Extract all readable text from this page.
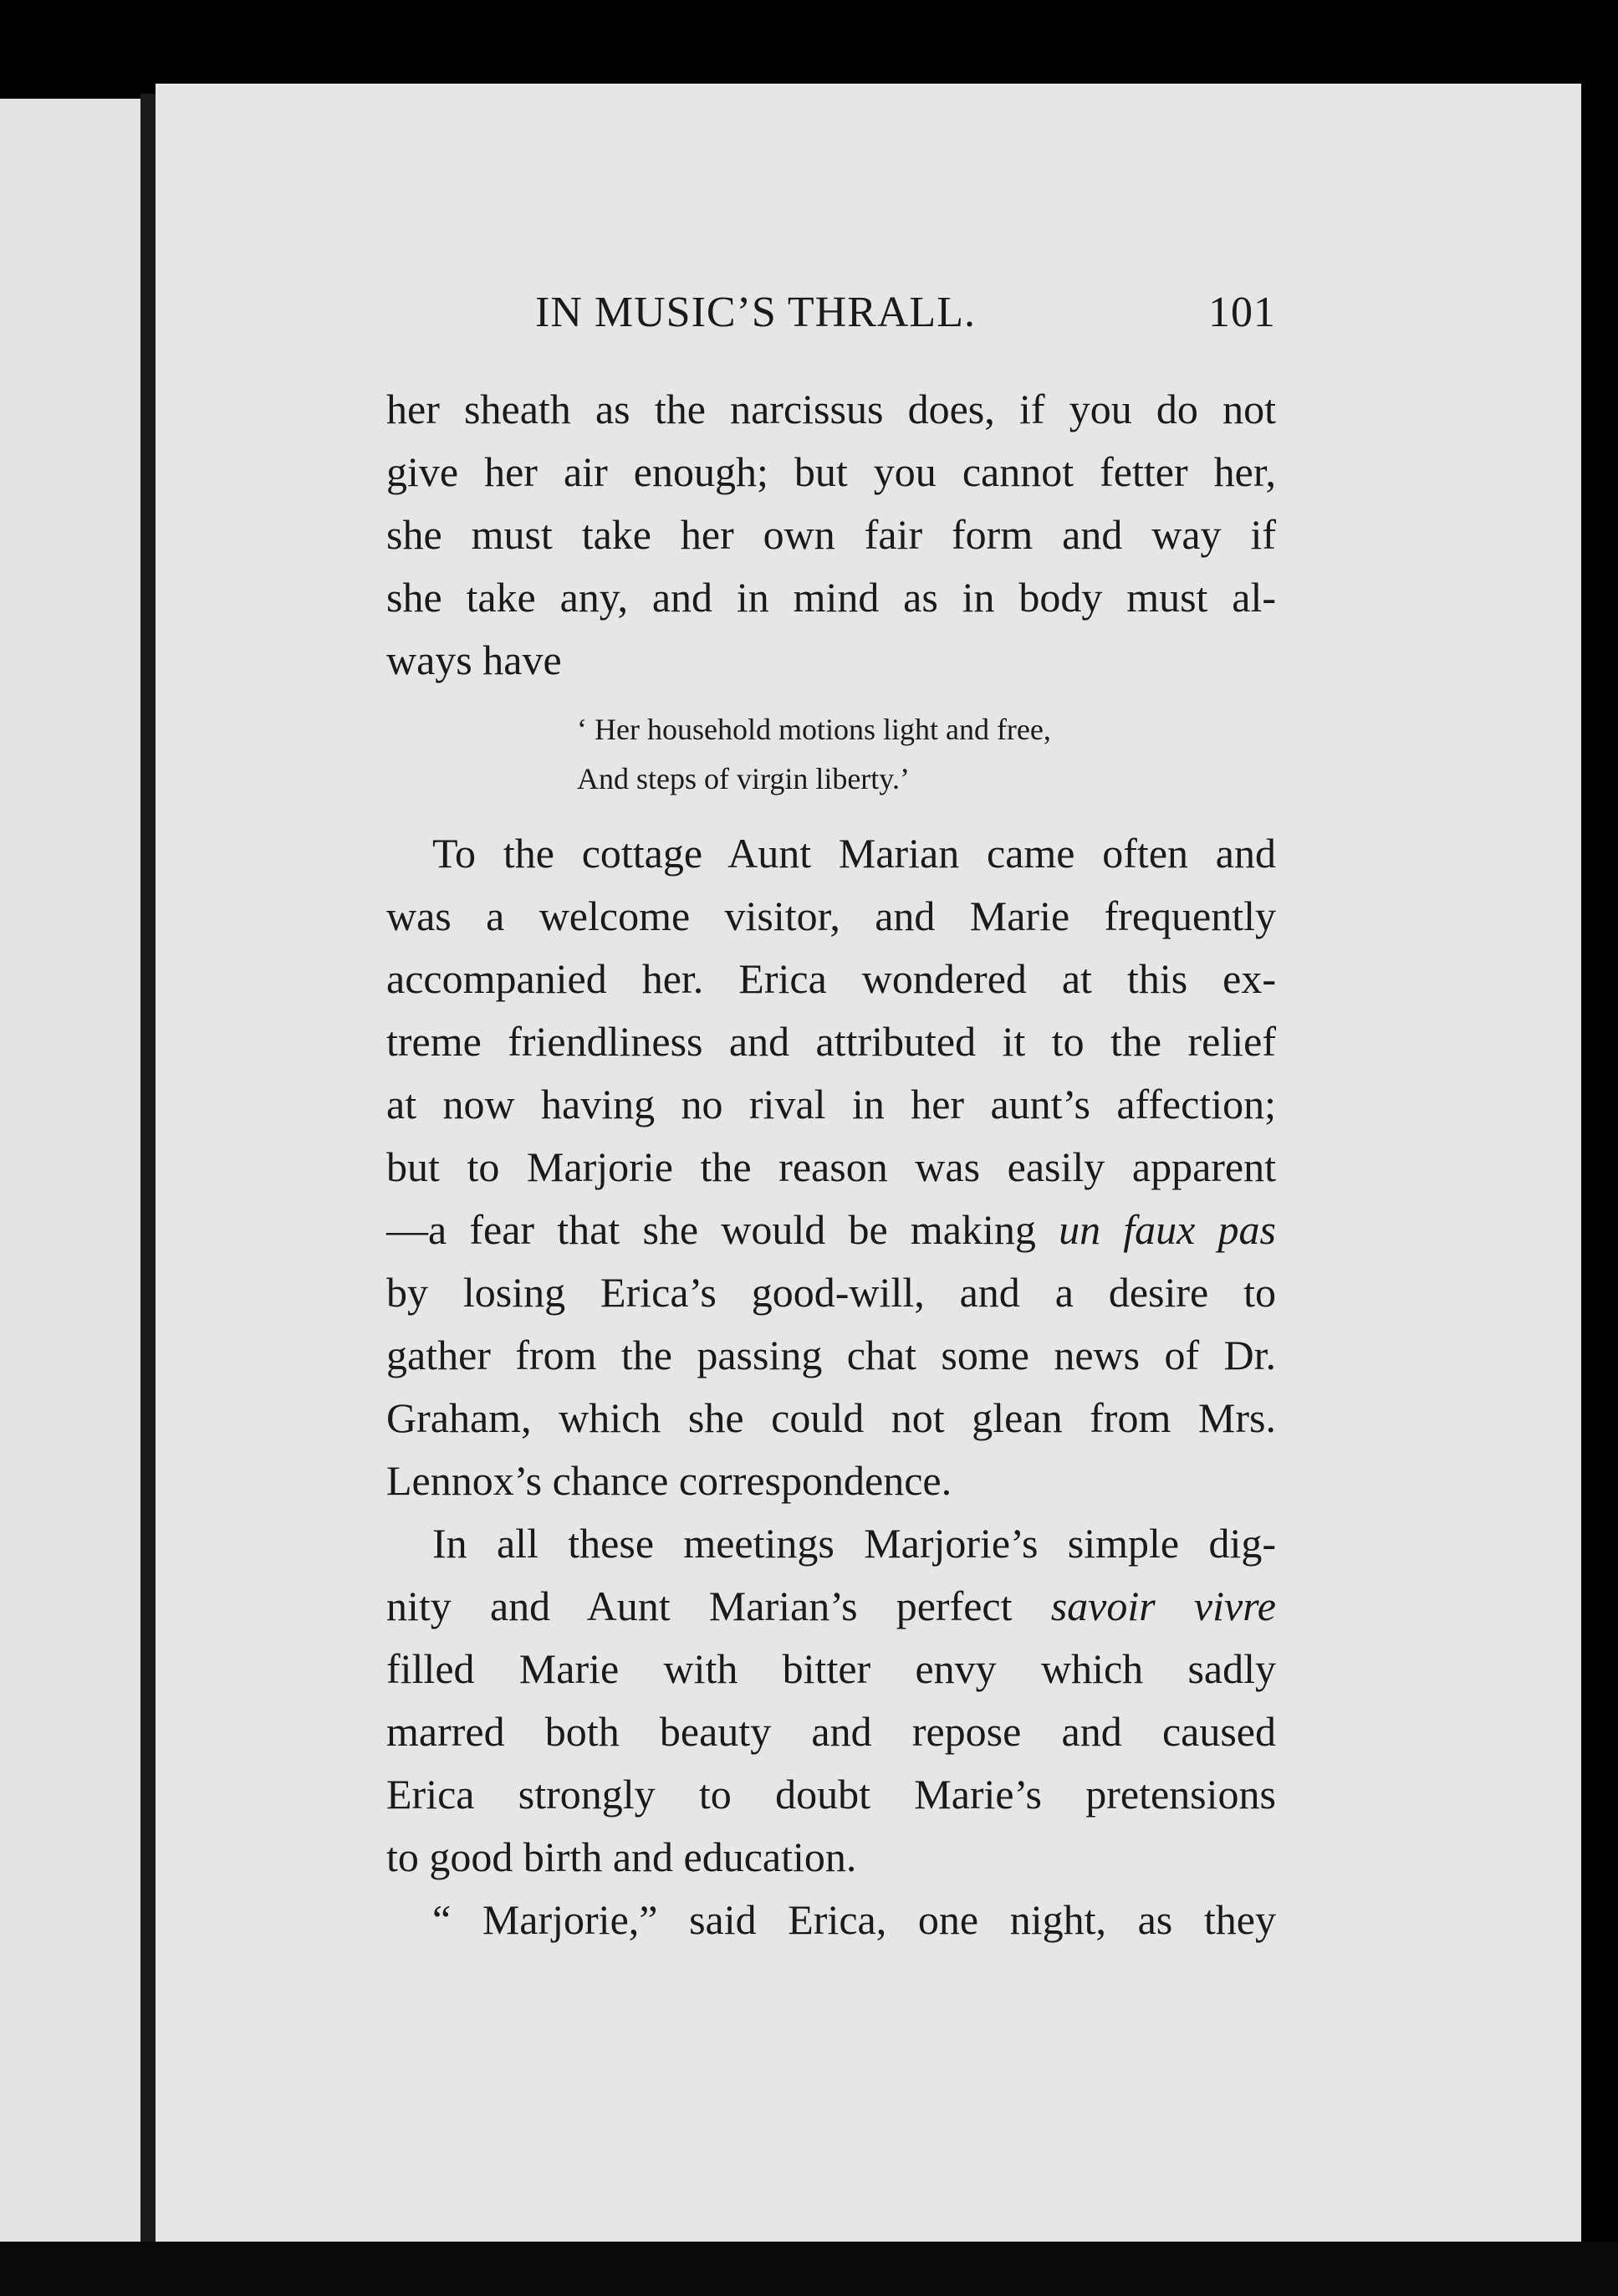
IN MUSIC’S THRALL.	101
her sheath as the narcissus does, if you do not
give her air enough; but you cannot fetter her,
she must take her own fair form and way if
she take any, and in mind as in body must al-
ways have
‘ Her household motions light and free,
And steps of virgin liberty.’
To the cottage Aunt Marian came often and
was a welcome visitor, and Marie frequently
accompanied her. Erica wondered at this ex-
treme friendliness and attributed it to the relief
at now having no rival in her aunt’s affection;
but to Marjorie the reason was easily apparent
—a fear that she would be making un faux pas
by losing Erica’s good-will, and a desire to
gather from the passing chat some news of Dr.
Graham, which she could not glean from Mrs.
Lennox’s chance correspondence.
In all these meetings Marjorie’s simple dig-
nity and Aunt Marian’s perfect savoir vivre
filled Marie with bitter envy which sadly
marred both beauty and repose and caused
Erica strongly to doubt Marie’s pretensions
to good birth and education.
“ Marjorie,” said Erica, one night, as they
